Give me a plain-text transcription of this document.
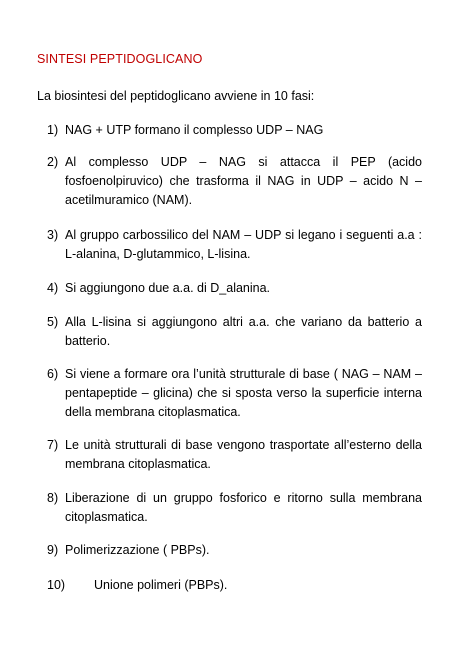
SINTESI PEPTIDOGLICANO
La biosintesi del peptidoglicano avviene in 10 fasi:
1) NAG + UTP formano il complesso UDP – NAG
2) Al complesso UDP – NAG si attacca il PEP (acido fosfoenolpiruvico) che trasforma il NAG in UDP – acido N – acetilmuramico (NAM).
3) Al gruppo carbossilico del NAM – UDP si legano i seguenti a.a : L-alanina, D-glutammico, L-lisina.
4) Si aggiungono due a.a. di D_alanina.
5) Alla L-lisina si aggiungono altri a.a. che variano da batterio a batterio.
6) Si viene a formare ora l’unità strutturale di base ( NAG – NAM – pentapeptide – glicina) che si sposta verso la superficie interna della membrana citoplasmatica.
7) Le unità strutturali di base vengono trasportate all’esterno della membrana citoplasmatica.
8) Liberazione di un gruppo fosforico e ritorno sulla membrana citoplasmatica.
9) Polimerizzazione ( PBPs).
10)	Unione polimeri (PBPs).
